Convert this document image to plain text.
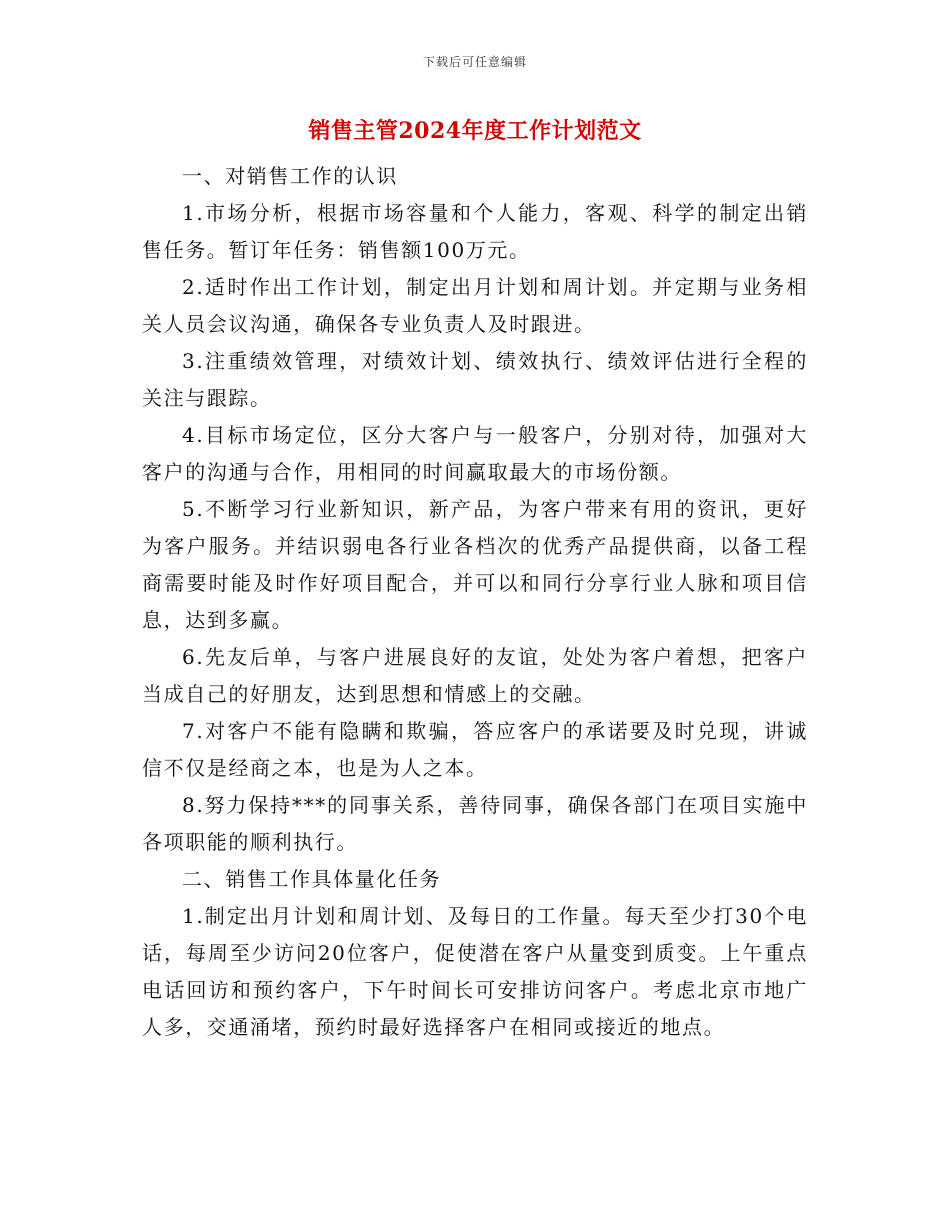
下载后可任意编辑
销售主管2024年度工作计划范文

一、对销售工作的认识

1.市场分析，根据市场容量和个人能力，客观、科学的制定出销售任务。暂订年任务：销售额100万元。

2.适时作出工作计划，制定出月计划和周计划。并定期与业务相关人员会议沟通，确保各专业负责人及时跟进。

3.注重绩效管理，对绩效计划、绩效执行、绩效评估进行全程的关注与跟踪。

4.目标市场定位，区分大客户与一般客户，分别对待，加强对大客户的沟通与合作，用相同的时间赢取最大的市场份额。

5.不断学习行业新知识，新产品，为客户带来有用的资讯，更好为客户服务。并结识弱电各行业各档次的优秀产品提供商，以备工程商需要时能及时作好项目配合，并可以和同行分享行业人脉和项目信息，达到多赢。

6.先友后单，与客户进展良好的友谊，处处为客户着想，把客户当成自己的好朋友，达到思想和情感上的交融。

7.对客户不能有隐瞒和欺骗，答应客户的承诺要及时兑现，讲诚信不仅是经商之本，也是为人之本。

8.努力保持***的同事关系，善待同事，确保各部门在项目实施中各项职能的顺利执行。

二、销售工作具体量化任务

1.制定出月计划和周计划、及每日的工作量。每天至少打30个电话，每周至少访问20位客户，促使潜在客户从量变到质变。上午重点电话回访和预约客户，下午时间长可安排访问客户。考虑北京市地广人多，交通涌堵，预约时最好选择客户在相同或接近的地点。
